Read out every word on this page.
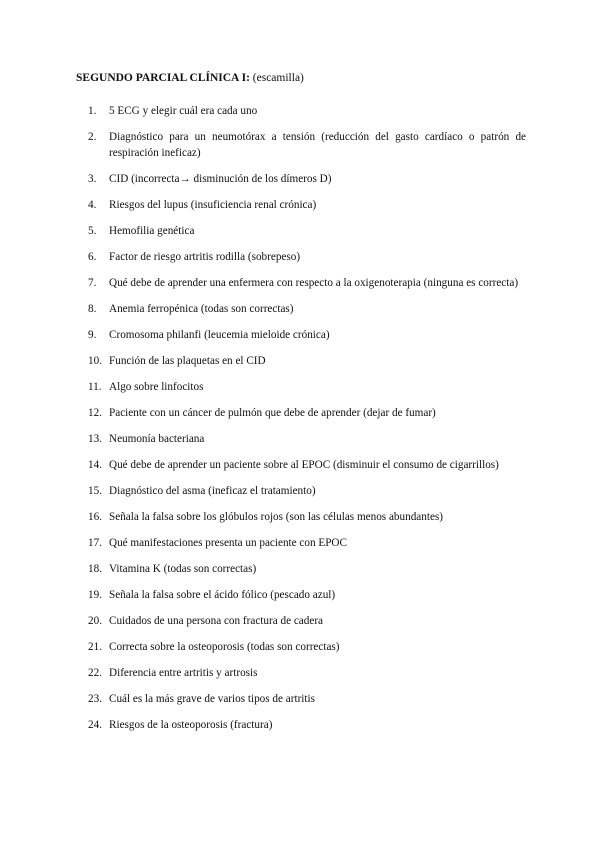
SEGUNDO PARCIAL CLÍNICA I: (escamilla)
1. 5 ECG y elegir cuál era cada uno
2. Diagnóstico para un neumotórax a tensión (reducción del gasto cardíaco o patrón de respiración ineficaz)
3. CID (incorrecta→ disminución de los dímeros D)
4. Riesgos del lupus (insuficiencia renal crónica)
5. Hemofilia genética
6. Factor de riesgo artritis rodilla (sobrepeso)
7. Qué debe de aprender una enfermera con respecto a la oxigenoterapia (ninguna es correcta)
8. Anemia ferropénica (todas son correctas)
9. Cromosoma philanfi (leucemia mieloide crónica)
10. Función de las plaquetas en el CID
11. Algo sobre linfocitos
12. Paciente con un cáncer de pulmón que debe de aprender (dejar de fumar)
13. Neumonía bacteriana
14. Qué debe de aprender un paciente sobre al EPOC (disminuir el consumo de cigarrillos)
15. Diagnóstico del asma (ineficaz el tratamiento)
16. Señala la falsa sobre los glóbulos rojos (son las células menos abundantes)
17. Qué manifestaciones presenta un paciente con EPOC
18. Vitamina K (todas son correctas)
19. Señala la falsa sobre el ácido fólico (pescado azul)
20. Cuidados de una persona con fractura de cadera
21. Correcta sobre la osteoporosis (todas son correctas)
22. Diferencia entre artritis y artrosis
23. Cuál es la más grave de varios tipos de artritis
24. Riesgos de la osteoporosis (fractura)
